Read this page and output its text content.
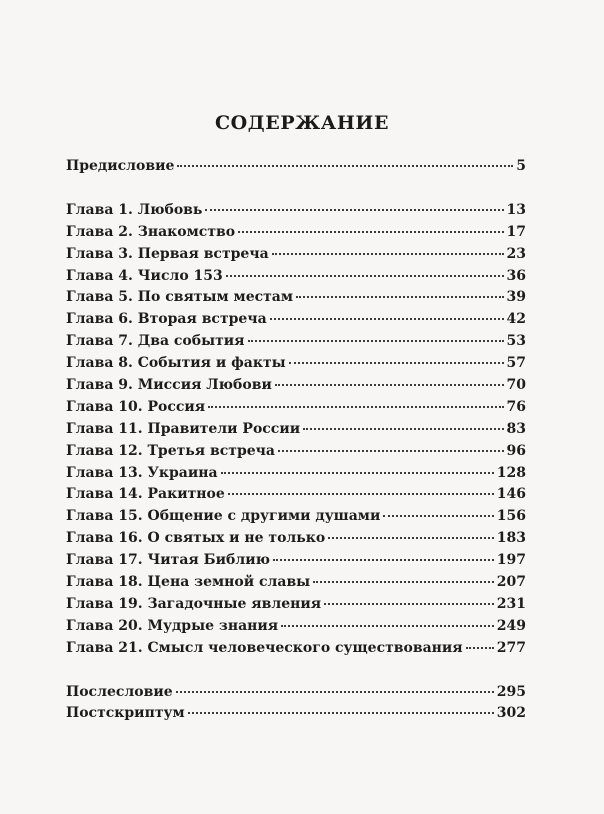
СОДЕРЖАНИЕ
Предисловие	5
Глава 1. Любовь	13
Глава 2. Знакомство	17
Глава 3. Первая встреча	23
Глава 4. Число 153	36
Глава 5. По святым местам	39
Глава 6. Вторая встреча	42
Глава 7. Два события	53
Глава 8. События и факты	57
Глава 9. Миссия Любови	70
Глава 10. Россия	76
Глава 11. Правители России	83
Глава 12. Третья встреча	96
Глава 13. Украина	128
Глава 14. Ракитное	146
Глава 15. Общение с другими душами	156
Глава 16. О святых и не только	183
Глава 17. Читая Библию	197
Глава 18. Цена земной славы	207
Глава 19. Загадочные явления	231
Глава 20. Мудрые знания	249
Глава 21. Смысл человеческого существования 277
Послесловие	295
Постскриптум	302
